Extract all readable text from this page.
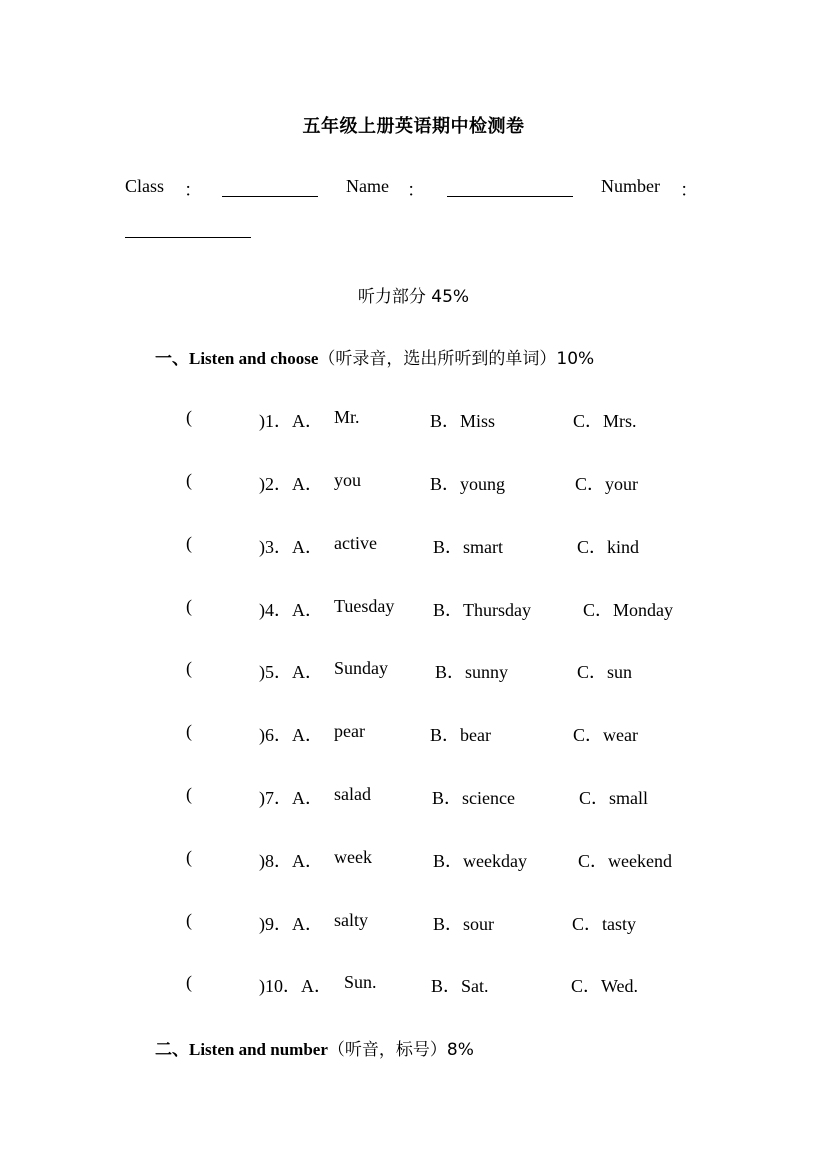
五年级上册英语期中检测卷
Class ：	Name ：	Number ：
听力部分 45%
一、Listen and choose（听录音，选出所听到的单词）10%
(	)1．A． Mr.	B．Miss	C．Mrs.
(	)2．A． you	B．young	C．your
(	)3．A． active	B．smart	C．kind
(	)4．A． Tuesday B．Thursday	C．Monday
(	)5．A． Sunday	B．sunny	C．sun
(	)6．A． pear	B．bear	C．wear
(	)7．A． salad	B．science	C．small
(	)8．A． week	B．weekday	C．weekend
(	)9．A． salty	B．sour	C．tasty
(	)10．A． Sun.	B．Sat.	C．Wed.
二、Listen and number（听音，标号）8%
